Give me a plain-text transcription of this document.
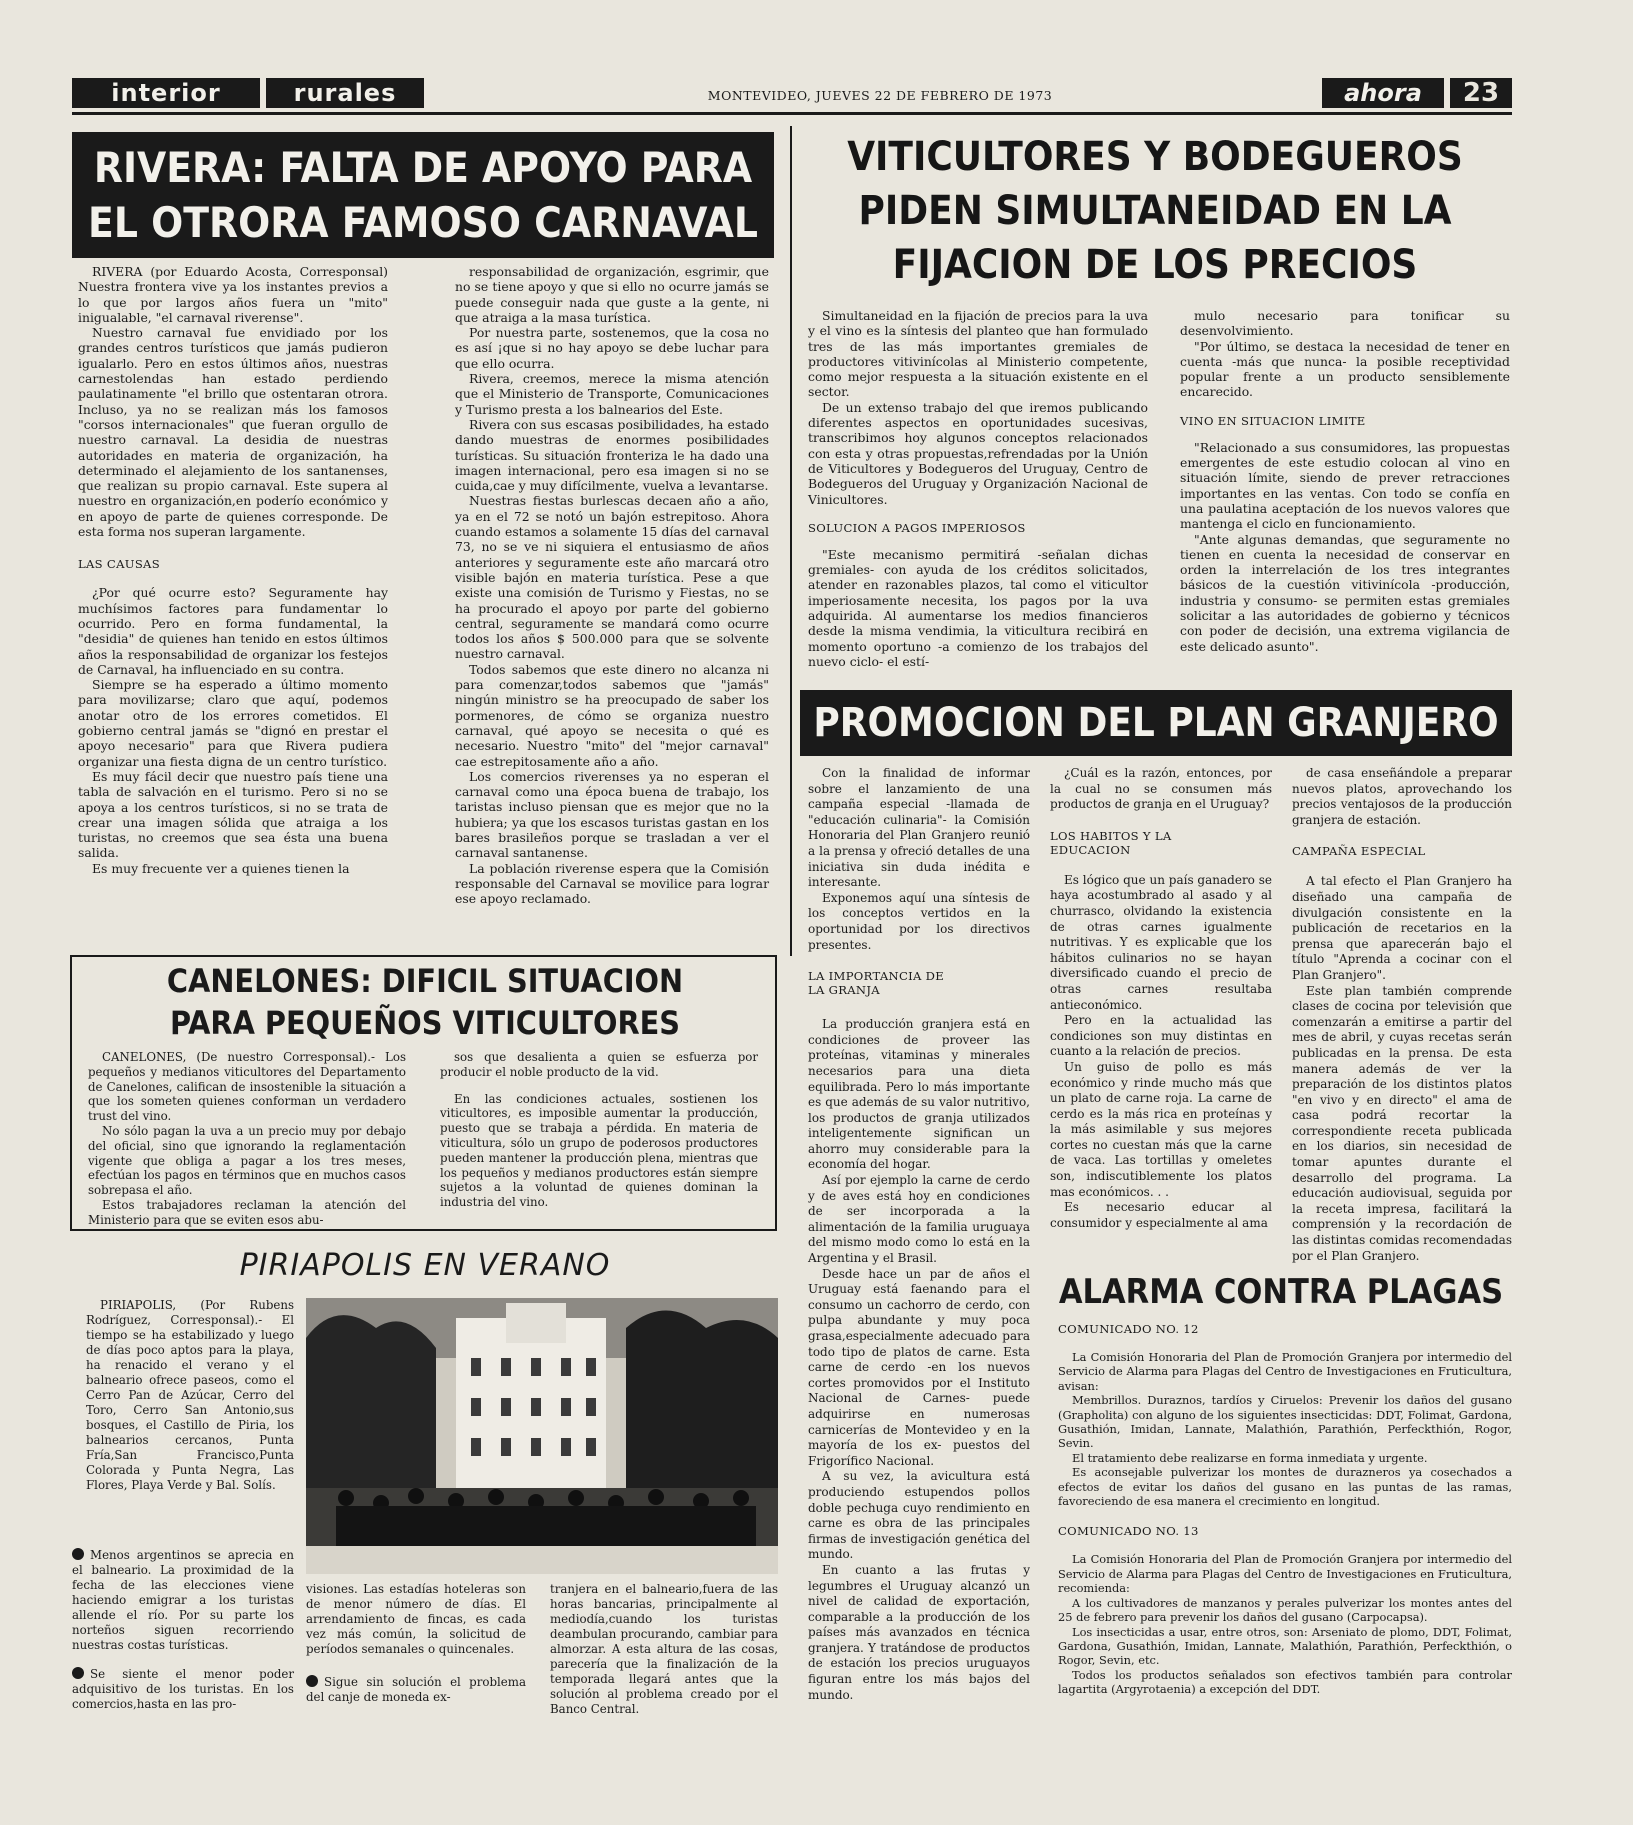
interior	rurales	MONTEVIDEO, JUEVES 22 DE FEBRERO DE 1973	ahora	23
RIVERA: FALTA DE APOYO PARA
EL OTRORA FAMOSO CARNAVAL

RIVERA (por Eduardo Acosta, Corresponsal) Nuestra frontera vive ya los instantes previos a lo que por largos años fuera un "mito" inigualable, "el carnaval riverense".

Nuestro carnaval fue envidiado por los grandes centros turísticos que jamás pudieron igualarlo. Pero en estos últimos años, nuestras carnestolendas han estado perdiendo paulatinamente "el brillo que ostentaran otrora. Incluso, ya no se realizan más los famosos "corsos internacionales" que fueran orgullo de nuestro carnaval. La desidia de nuestras autoridades en materia de organización, ha determinado el alejamiento de los santanenses, que realizan su propio carnaval. Este supera al nuestro en organización,en poderío económico y en apoyo de parte de quienes corresponde. De esta forma nos superan largamente.

LAS CAUSAS

¿Por qué ocurre esto? Seguramente hay muchísimos factores para fundamentar lo ocurrido. Pero en forma fundamental, la "desidia" de quienes han tenido en estos últimos años la responsabilidad de organizar los festejos de Carnaval, ha influenciado en su contra.

Siempre se ha esperado a último momento para movilizarse; claro que aquí, podemos anotar otro de los errores cometidos. El gobierno central jamás se "dignó en prestar el apoyo necesario" para que Rivera pudiera organizar una fiesta digna de un centro turístico.

Es muy fácil decir que nuestro país tiene una tabla de salvación en el turismo. Pero si no se apoya a los centros turísticos, si no se trata de crear una imagen sólida que atraiga a los turistas, no creemos que sea ésta una buena salida.

Es muy frecuente ver a quienes tienen la

responsabilidad de organización, esgrimir, que no se tiene apoyo y que si ello no ocurre jamás se puede conseguir nada que guste a la gente, ni que atraiga a la masa turística.

Por nuestra parte, sostenemos, que la cosa no es así ¡que si no hay apoyo se debe luchar para que ello ocurra.

Rivera, creemos, merece la misma atención que el Ministerio de Transporte, Comunicaciones y Turismo presta a los balnearios del Este.

Rivera con sus escasas posibilidades, ha estado dando muestras de enormes posibilidades turísticas. Su situación fronteriza le ha dado una imagen internacional, pero esa imagen si no se cuida,cae y muy difícilmente, vuelva a levantarse.

Nuestras fiestas burlescas decaen año a año, ya en el 72 se notó un bajón estrepitoso. Ahora cuando estamos a solamente 15 días del carnaval 73, no se ve ni siquiera el entusiasmo de años anteriores y seguramente este año marcará otro visible bajón en materia turística. Pese a que existe una comisión de Turismo y Fiestas, no se ha procurado el apoyo por parte del gobierno central, seguramente se mandará como ocurre todos los años $ 500.000 para que se solvente nuestro carnaval.

Todos sabemos que este dinero no alcanza ni para comenzar,todos sabemos que "jamás" ningún ministro se ha preocupado de saber los pormenores, de cómo se organiza nuestro carnaval, qué apoyo se necesita o qué es necesario. Nuestro "mito" del "mejor carnaval" cae estrepitosamente año a año.

Los comercios riverenses ya no esperan el carnaval como una época buena de trabajo, los taristas incluso piensan que es mejor que no la hubiera; ya que los escasos turistas gastan en los bares brasileños porque se trasladan a ver el carnaval santanense.

La población riverense espera que la Comisión responsable del Carnaval se movilice para lograr ese apoyo reclamado.

VITICULTORES Y BODEGUEROS
PIDEN SIMULTANEIDAD EN LA
FIJACION DE LOS PRECIOS

Simultaneidad en la fijación de precios para la uva y el vino es la síntesis del planteo que han formulado tres de las más importantes gremiales de productores vitivinícolas al Ministerio competente, como mejor respuesta a la situación existente en el sector.

De un extenso trabajo del que iremos publicando diferentes aspectos en oportunidades sucesivas, transcribimos hoy algunos conceptos relacionados con esta y otras propuestas,refrendadas por la Unión de Viticultores y Bodegueros del Uruguay, Centro de Bodegueros del Uruguay y Organización Nacional de Vinicultores.

SOLUCION A PAGOS IMPERIOSOS

"Este mecanismo permitirá -señalan dichas gremiales- con ayuda de los créditos solicitados, atender en razonables plazos, tal como el viticultor imperiosamente necesita, los pagos por la uva adquirida. Al aumentarse los medios financieros desde la misma vendimia, la viticultura recibirá en momento oportuno -a comienzo de los trabajos del nuevo ciclo- el estí-

mulo necesario para tonificar su desenvolvimiento.

"Por último, se destaca la necesidad de tener en cuenta -más que nunca- la posible receptividad popular frente a un producto sensiblemente encarecido.

VINO EN SITUACION LIMITE

"Relacionado a sus consumidores, las propuestas emergentes de este estudio colocan al vino en situación límite, siendo de prever retracciones importantes en las ventas. Con todo se confía en una paulatina aceptación de los nuevos valores que mantenga el ciclo en funcionamiento.

"Ante algunas demandas, que seguramente no tienen en cuenta la necesidad de conservar en orden la interrelación de los tres integrantes básicos de la cuestión vitivinícola -producción, industria y consumo- se permiten estas gremiales solicitar a las autoridades de gobierno y técnicos con poder de decisión, una extrema vigilancia de este delicado asunto".

PROMOCION DEL PLAN GRANJERO

Con la finalidad de informar sobre el lanzamiento de una campaña especial -llamada de "educación culinaria"- la Comisión Honoraria del Plan Granjero reunió a la prensa y ofreció detalles de una iniciativa sin duda inédita e interesante.

Exponemos aquí una síntesis de los conceptos vertidos en la oportunidad por los directivos presentes.

LA IMPORTANCIA DE
LA GRANJA

La producción granjera está en condiciones de proveer las proteínas, vitaminas y minerales necesarios para una dieta equilibrada. Pero lo más importante es que además de su valor nutritivo, los productos de granja utilizados inteligentemente significan un ahorro muy considerable para la economía del hogar.

Así por ejemplo la carne de cerdo y de aves está hoy en condiciones de ser incorporada a la alimentación de la familia uruguaya del mismo modo como lo está en la Argentina y el Brasil.

Desde hace un par de años el Uruguay está faenando para el consumo un cachorro de cerdo, con pulpa abundante y muy poca grasa,especialmente adecuado para todo tipo de platos de carne. Esta carne de cerdo -en los nuevos cortes promovidos por el Instituto Nacional de Carnes- puede adquirirse en numerosas carnicerías de Montevideo y en la mayoría de los ex- puestos del Frigorífico Nacional.

A su vez, la avicultura está produciendo estupendos pollos doble pechuga cuyo rendimiento en carne es obra de las principales firmas de investigación genética del mundo.

En cuanto a las frutas y legumbres el Uruguay alcanzó un nivel de calidad de exportación, comparable a la producción de los países más avanzados en técnica granjera. Y tratándose de productos de estación los precios uruguayos figuran entre los más bajos del mundo.

¿Cuál es la razón, entonces, por la cual no se consumen más productos de granja en el Uruguay?

LOS HABITOS Y LA
EDUCACION

Es lógico que un país ganadero se haya acostumbrado al asado y al churrasco, olvidando la existencia de otras carnes igualmente nutritivas. Y es explicable que los hábitos culinarios no se hayan diversificado cuando el precio de otras carnes resultaba antieconómico.

Pero en la actualidad las condiciones son muy distintas en cuanto a la relación de precios.

Un guiso de pollo es más económico y rinde mucho más que un plato de carne roja. La carne de cerdo es la más rica en proteínas y la más asimilable y sus mejores cortes no cuestan más que la carne de vaca. Las tortillas y omeletes son, indiscutiblemente los platos mas económicos. . .

Es necesario educar al consumidor y especialmente al ama

de casa enseñándole a preparar nuevos platos, aprovechando los precios ventajosos de la producción granjera de estación.

CAMPAÑA ESPECIAL

A tal efecto el Plan Granjero ha diseñado una campaña de divulgación consistente en la publicación de recetarios en la prensa que aparecerán bajo el título "Aprenda a cocinar con el Plan Granjero".

Este plan también comprende clases de cocina por televisión que comenzarán a emitirse a partir del mes de abril, y cuyas recetas serán publicadas en la prensa. De esta manera además de ver la preparación de los distintos platos "en vivo y en directo" el ama de casa podrá recortar la correspondiente receta publicada en los diarios, sin necesidad de tomar apuntes durante el desarrollo del programa. La educación audiovisual, seguida por la receta impresa, facilitará la comprensión y la recordación de las distintas comidas recomendadas por el Plan Granjero.

ALARMA CONTRA PLAGAS
COMUNICADO NO. 12

La Comisión Honoraria del Plan de Promoción Granjera por intermedio del Servicio de Alarma para Plagas del Centro de Investigaciones en Fruticultura, avisan:

Membrillos. Duraznos, tardíos y Ciruelos: Prevenir los daños del gusano (Grapholita) con alguno de los siguientes insecticidas: DDT, Folimat, Gardona, Gusathión, Imidan, Lannate, Malathión, Parathión, Perfeckthión, Rogor, Sevin.

El tratamiento debe realizarse en forma inmediata y urgente.

Es aconsejable pulverizar los montes de durazneros ya cosechados a efectos de evitar los daños del gusano en las puntas de las ramas, favoreciendo de esa manera el crecimiento en longitud.

COMUNICADO NO. 13

La Comisión Honoraria del Plan de Promoción Granjera por intermedio del Servicio de Alarma para Plagas del Centro de Investigaciones en Fruticultura, recomienda:

A los cultivadores de manzanos y perales pulverizar los montes antes del 25 de febrero para prevenir los daños del gusano (Carpocapsa).

Los insecticidas a usar, entre otros, son: Arseniato de plomo, DDT, Folimat, Gardona, Gusathión, Imidan, Lannate, Malathión, Parathión, Perfeckthión, o Rogor, Sevin, etc.

Todos los productos señalados son efectivos también para controlar lagartita (Argyrotaenia) a excepción del DDT.

CANELONES: DIFICIL SITUACION
PARA PEQUEÑOS VITICULTORES

CANELONES, (De nuestro Corresponsal).- Los pequeños y medianos viticultores del Departamento de Canelones, califican de insostenible la situación a que los someten quienes conforman un verdadero trust del vino.

No sólo pagan la uva a un precio muy por debajo del oficial, sino que ignorando la reglamentación vigente que obliga a pagar a los tres meses, efectúan los pagos en términos que en muchos casos sobrepasa el año.

Estos trabajadores reclaman la atención del Ministerio para que se eviten esos abu-

sos que desalienta a quien se esfuerza por producir el noble producto de la vid.

En las condiciones actuales, sostienen los viticultores, es imposible aumentar la producción, puesto que se trabaja a pérdida. En materia de viticultura, sólo un grupo de poderosos productores pueden mantener la producción plena, mientras que los pequeños y medianos productores están siempre sujetos a la voluntad de quienes dominan la industria del vino.

PIRIAPOLIS EN VERANO

PIRIAPOLIS, (Por Rubens Rodríguez, Corresponsal).- El tiempo se ha estabilizado y luego de días poco aptos para la playa, ha renacido el verano y el balneario ofrece paseos, como el Cerro Pan de Azúcar, Cerro del Toro, Cerro San Antonio,sus bosques, el Castillo de Piria, los balnearios cercanos, Punta Fría,San Francisco,Punta Colorada y Punta Negra, Las Flores, Playa Verde y Bal. Solís.

Menos argentinos se aprecia en el balneario. La proximidad de la fecha de las elecciones viene haciendo emigrar a los turistas allende el río. Por su parte los norteños siguen recorriendo nuestras costas turísticas.

Se siente el menor poder adquisitivo de los turistas. En los comercios,hasta en las pro-

visiones. Las estadías hoteleras son de menor número de días. El arrendamiento de fincas, es cada vez más común, la solicitud de períodos semanales o quincenales.

Sigue sin solución el problema del canje de moneda ex-

tranjera en el balneario,fuera de las horas bancarias, principalmente al mediodía,cuando los turistas deambulan procurando, cambiar para almorzar. A esta altura de las cosas, parecería que la finalización de la temporada llegará antes que la solución al problema creado por el Banco Central.
